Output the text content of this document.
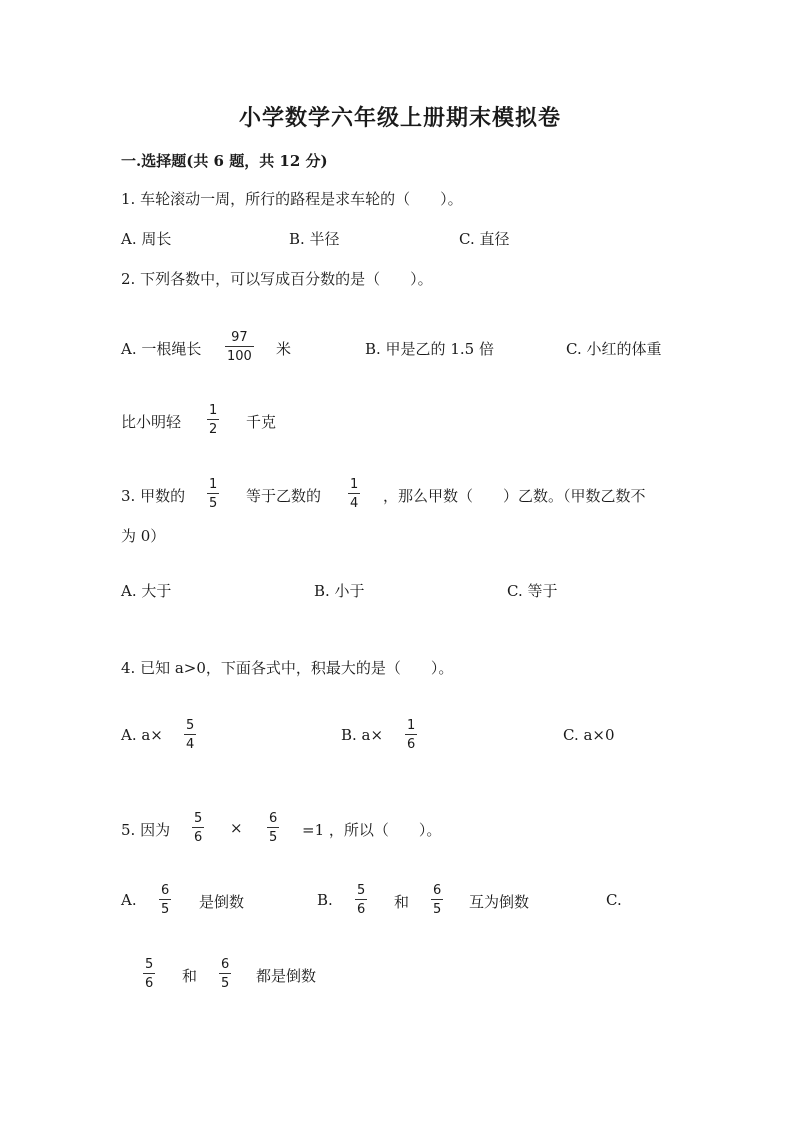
小学数学六年级上册期末模拟卷
一.选择题(共 6 题，共 12 分)
1. 车轮滚动一周，所行的路程是求车轮的（　　）。
A. 周长	B. 半径	C. 直径
2. 下列各数中，可以写成百分数的是（　　）。
A. 一根绳长
97
100 米	B. 甲是乙的 1.5 倍	C. 小红的体重
比小明轻
1
2 千克
3. 甲数的
1
5 等于乙数的
1
4 ，那么甲数（　　）乙数。（甲数乙数不
为 0）
A. 大于	B. 小于	C. 等于
4. 已知 a>0，下面各式中，积最大的是（　　）。
A. a×
5
4
B. a×
1
6
C. a×0
5. 因为
5
6
×
6
5 =1 ，所以（　　）。
A.
6
5 是倒数	B.
5
6 和
6
5 互为倒数	C.
5
6 和
6
5 都是倒数
